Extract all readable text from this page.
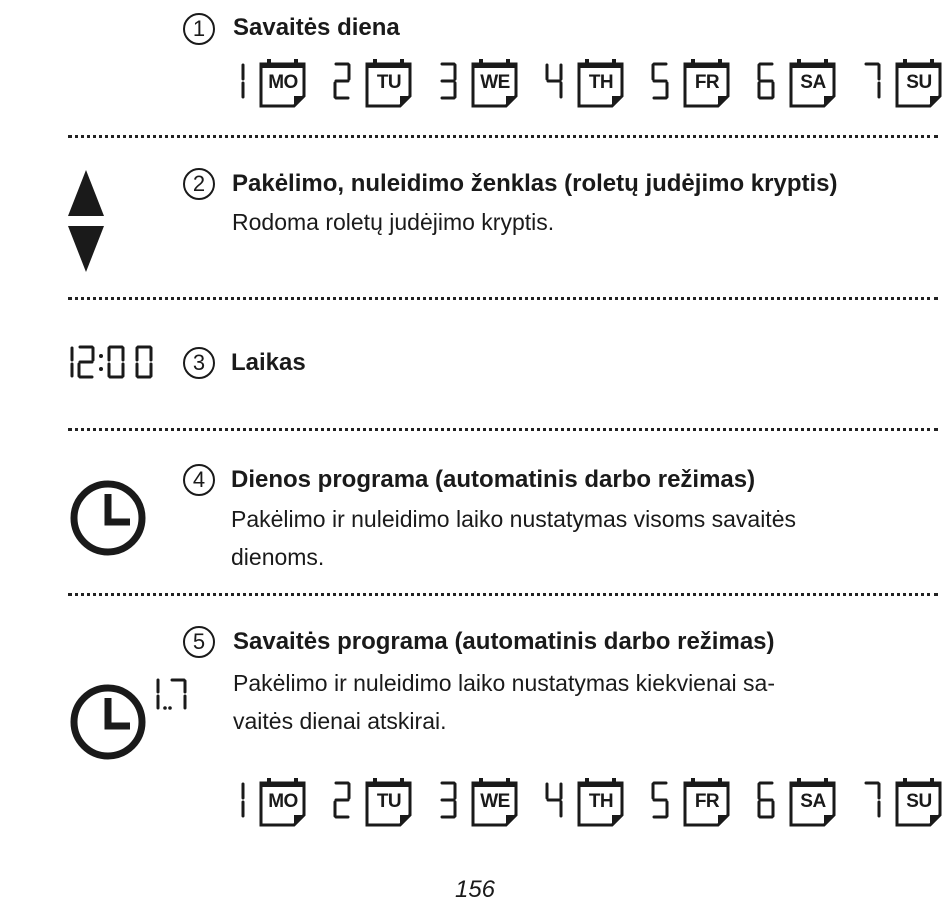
1	Savaitės diena
MO	TU	WE	TH	FR	SA	SU
2	Pakėlimo, nuleidimo ženklas (roletų judėjimo kryptis)
Rodoma roletų judėjimo kryptis.
3	Laikas
4	Dienos programa (automatinis darbo režimas)
Pakėlimo ir nuleidimo laiko nustatymas visoms savaitės
dienoms.
5	Savaitės programa (automatinis darbo režimas)
Pakėlimo ir nuleidimo laiko nustatymas kiekvienai sa-
vaitės dienai atskirai.
MO	TU	WE	TH	FR	SA	SU
156
